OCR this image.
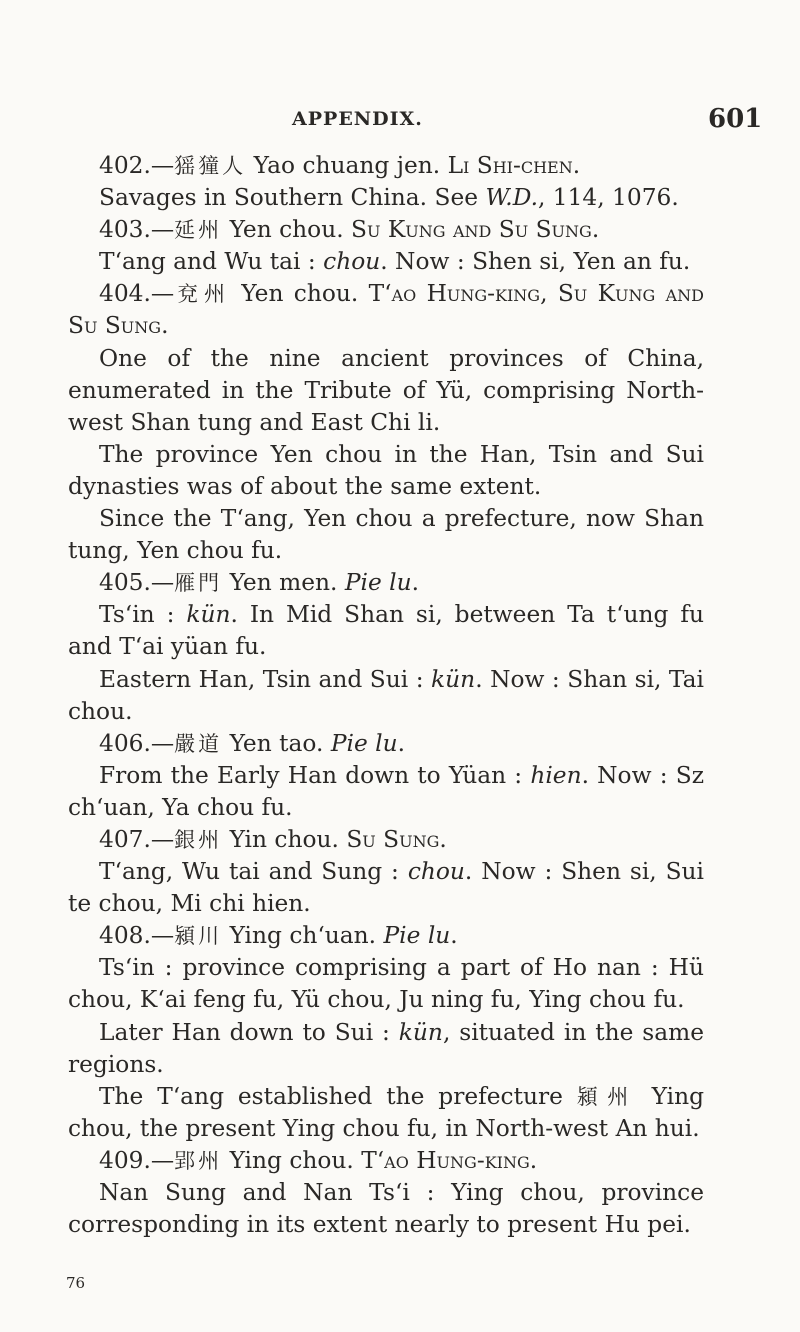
APPENDIX.	601

402.—猺獞人 Yao chuang jen. Li Shi-chen.

Savages in Southern China. See W.D., 114, 1076.

403.—延州 Yen chou. Su Kung and Su Sung.

T‘ang and Wu tai : chou. Now : Shen si, Yen an fu.

404.—兗州 Yen chou. T‘ao Hung-king, Su Kung and Su Sung.

One of the nine ancient provinces of China, enumerated in the Tribute of Yü, comprising North-west Shan tung and East Chi li.

The province Yen chou in the Han, Tsin and Sui dynasties was of about the same extent.

Since the T‘ang, Yen chou a prefecture, now Shan tung, Yen chou fu.

405.—雁門 Yen men. Pie lu.

Ts‘in : kün. In Mid Shan si, between Ta t‘ung fu and T‘ai yüan fu.

Eastern Han, Tsin and Sui : kün. Now : Shan si, Tai chou.

406.—嚴道 Yen tao. Pie lu.

From the Early Han down to Yüan : hien. Now : Sz ch‘uan, Ya chou fu.

407.—銀州 Yin chou. Su Sung.

T‘ang, Wu tai and Sung : chou. Now : Shen si, Sui te chou, Mi chi hien.

408.—潁川 Ying ch‘uan. Pie lu.

Ts‘in : province comprising a part of Ho nan : Hü chou, K‘ai feng fu, Yü chou, Ju ning fu, Ying chou fu.

Later Han down to Sui : kün, situated in the same regions.

The T‘ang established the prefecture 潁州 Ying chou, the present Ying chou fu, in North-west An hui.

409.—郢州 Ying chou. T‘ao Hung-king.

Nan Sung and Nan Ts‘i : Ying chou, province corresponding in its extent nearly to present Hu pei.

76
